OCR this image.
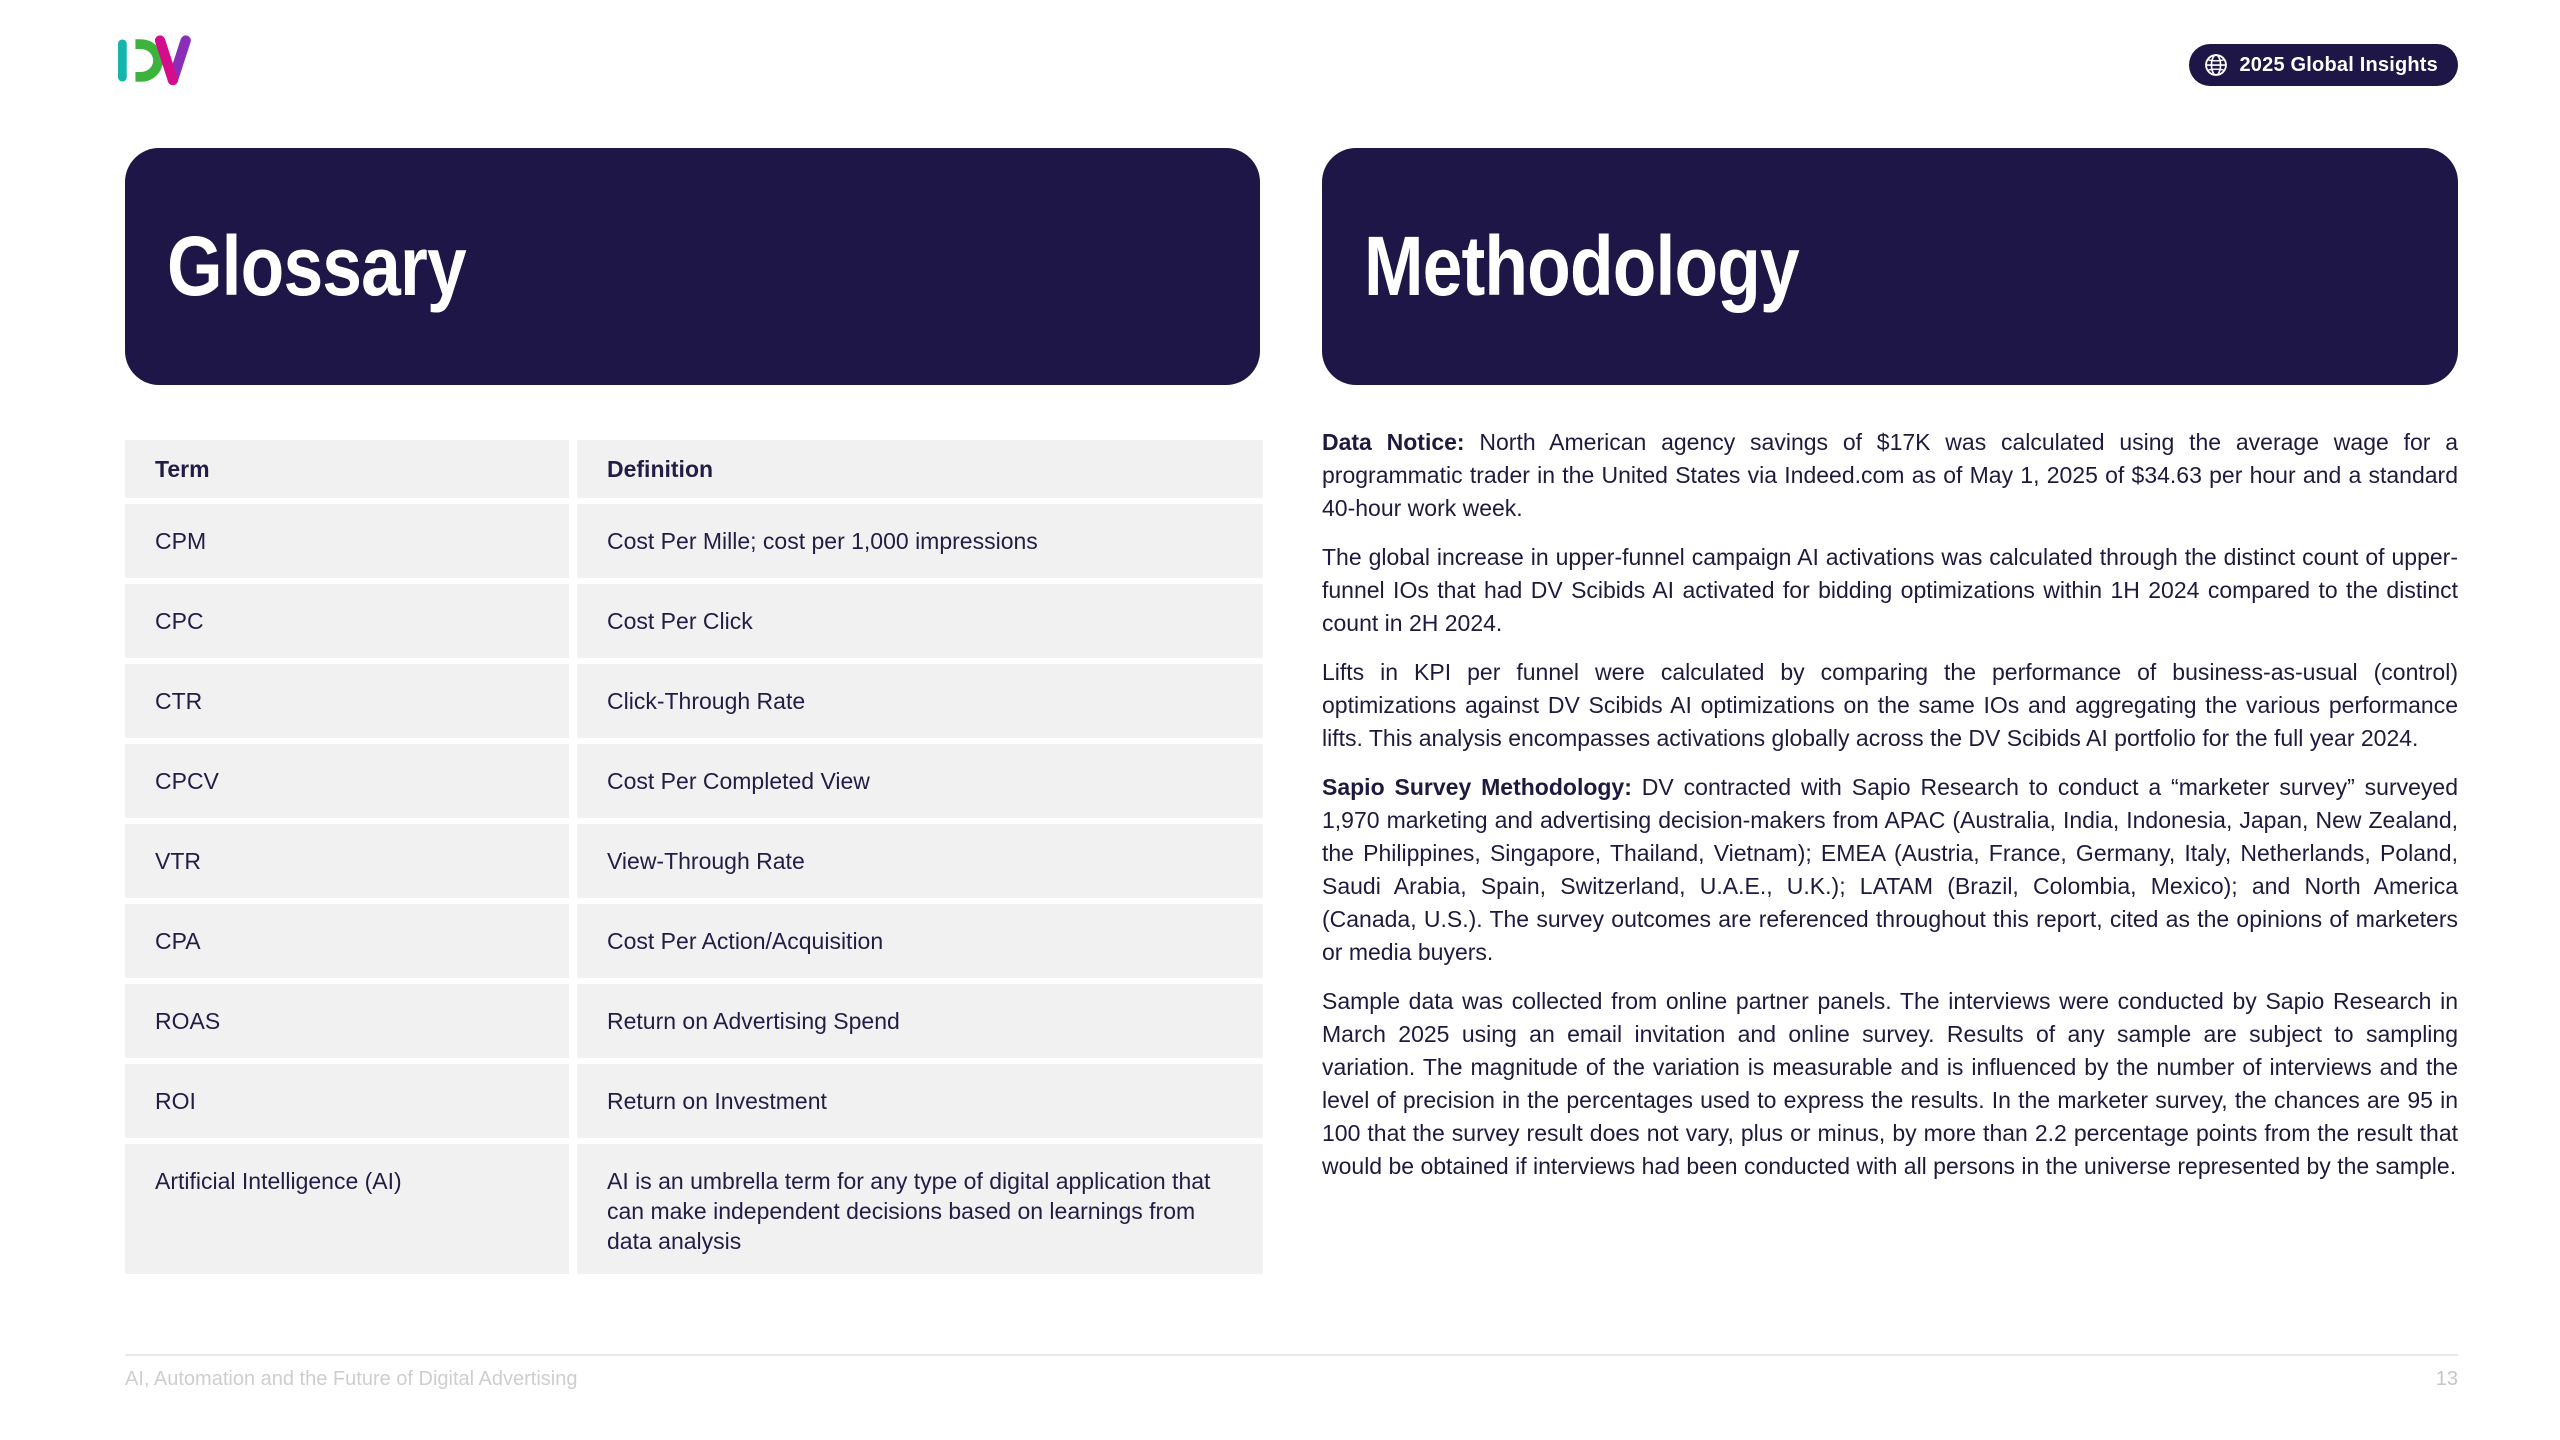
2025 Global Insights
Glossary	Methodology
Term	Definition
CPM	Cost Per Mille; cost per 1,000 impressions
CPC	Cost Per Click
CTR	Click-Through Rate
CPCV	Cost Per Completed View
VTR	View-Through Rate
CPA	Cost Per Action/Acquisition
ROAS	Return on Advertising Spend
ROI	Return on Investment
Artificial Intelligence (AI)	AI is an umbrella term for any type of digital application that can make independent decisions based on learnings from data analysis

Data Notice: North American agency savings of $17K was calculated using the average wage for a programmatic trader in the United States via Indeed.com as of May 1, 2025 of $34.63 per hour and a standard 40-hour work week.

The global increase in upper-funnel campaign AI activations was calculated through the distinct count of upper-funnel IOs that had DV Scibids AI activated for bidding optimizations within 1H 2024 compared to the distinct count in 2H 2024.

Lifts in KPI per funnel were calculated by comparing the performance of business-as-usual (control) optimizations against DV Scibids AI optimizations on the same IOs and aggregating the various performance lifts. This analysis encompasses activations globally across the DV Scibids AI portfolio for the full year 2024.

Sapio Survey Methodology: DV contracted with Sapio Research to conduct a “marketer survey” surveyed 1,970 marketing and advertising decision-makers from APAC (Australia, India, Indonesia, Japan, New Zealand, the Philippines, Singapore, Thailand, Vietnam); EMEA (Austria, France, Germany, Italy, Netherlands, Poland, Saudi Arabia, Spain, Switzerland, U.A.E., U.K.); LATAM (Brazil, Colombia, Mexico); and North America (Canada, U.S.). The survey outcomes are referenced throughout this report, cited as the opinions of marketers or media buyers.

Sample data was collected from online partner panels. The interviews were conducted by Sapio Research in March 2025 using an email invitation and online survey. Results of any sample are subject to sampling variation. The magnitude of the variation is measurable and is influenced by the number of interviews and the level of precision in the percentages used to express the results. In the marketer survey, the chances are 95 in 100 that the survey result does not vary, plus or minus, by more than 2.2 percentage points from the result that would be obtained if interviews had been conducted with all persons in the universe represented by the sample.

AI, Automation and the Future of Digital Advertising	13
